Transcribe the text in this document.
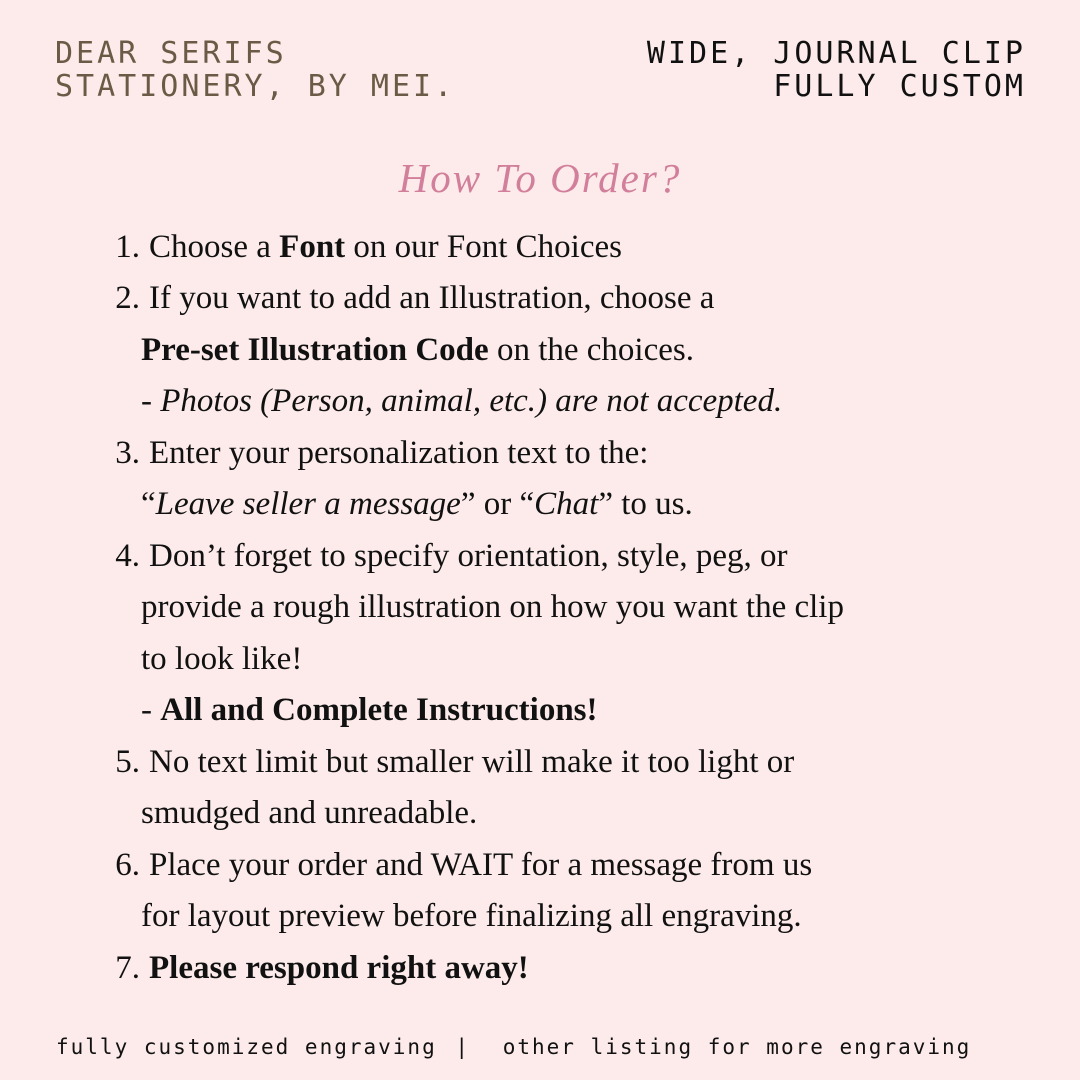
DEAR SERIFS
STATIONERY, BY MEI.
WIDE, JOURNAL CLIP
FULLY CUSTOM
How To Order?
1. Choose a Font on our Font Choices
2. If you want to add an Illustration, choose a
Pre-set Illustration Code on the choices.
- Photos (Person, animal, etc.) are not accepted.
3. Enter your personalization text to the:
“Leave seller a message” or “Chat” to us.
4. Don’t forget to specify orientation, style, peg, or
provide a rough illustration on how you want the clip
to look like!
- All and Complete Instructions!
5. No text limit but smaller will make it too light or
smudged and unreadable.
6. Place your order and WAIT for a message from us
for layout preview before finalizing all engraving.
7. Please respond right away!
fully customized engraving | other listing for more engraving
